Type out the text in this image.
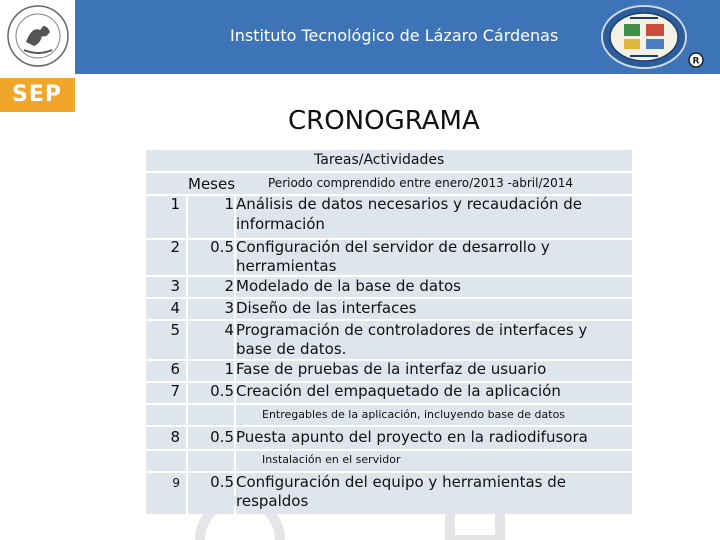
Instituto Tecnológico de Lázaro Cárdenas
SEP
R
CRONOGRAMA
Tareas/Actividades
Meses	Periodo comprendido entre enero/2013 -abril/2014
1	1 Análisis de datos necesarios y recaudación de
información
2	0.5 Configuración del servidor de desarrollo y
herramientas
3	2 Modelado de la base de datos
4	3 Diseño de las interfaces
5	4 Programación de controladores de interfaces y
base de datos.
6	1 Fase de pruebas de la interfaz de usuario
7	0.5 Creación del empaquetado de la aplicación
Entregables de la aplicación, incluyendo base de datos
8	0.5 Puesta apunto del proyecto en la radiodifusora
Instalación en el servidor
9	0.5 Configuración del equipo y herramientas de
respaldos
